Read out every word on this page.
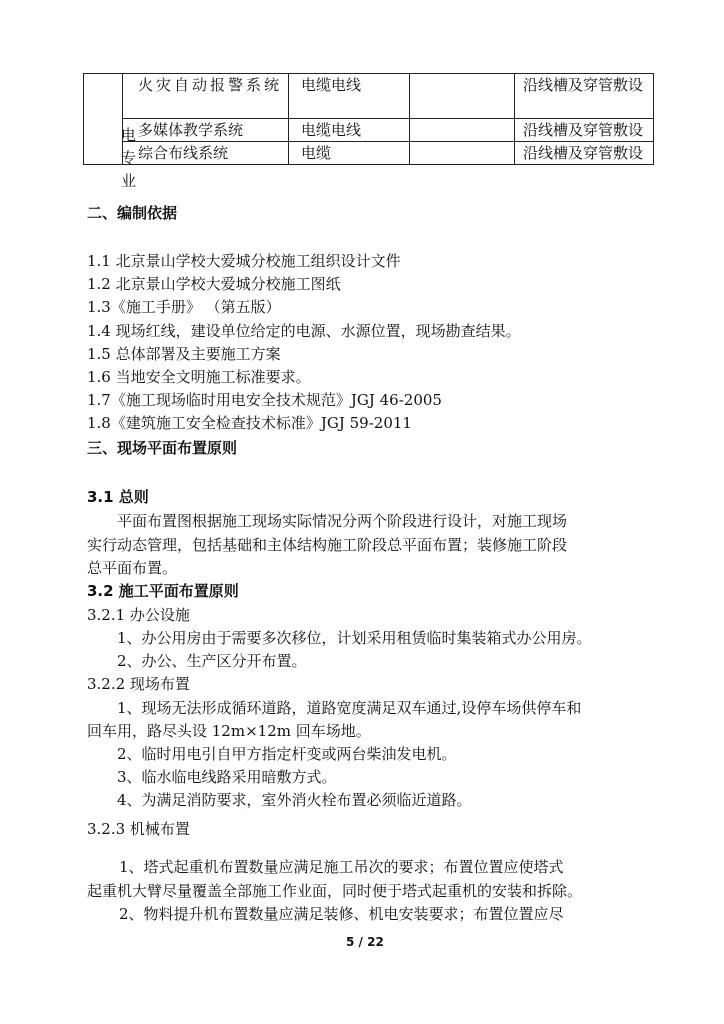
	火灾自动报警系统	电缆电线		沿线槽及穿管敷设
	多媒体教学系统	电缆电线		沿线槽及穿管敷设
	综合布线系统	电缆		沿线槽及穿管敷设
电专业
二、编制依据
1.1 北京景山学校大爱城分校施工组织设计文件
1.2 北京景山学校大爱城分校施工图纸
1.3《施工手册》 （第五版）
1.4 现场红线，建设单位给定的电源、水源位置，现场勘查结果。
1.5 总体部署及主要施工方案
1.6 当地安全文明施工标准要求。
1.7《施工现场临时用电安全技术规范》JGJ 46-2005
1.8《建筑施工安全检查技术标准》JGJ 59-2011
三、现场平面布置原则
3.1 总则
平面布置图根据施工现场实际情况分两个阶段进行设计，对施工现场
实行动态管理，包括基础和主体结构施工阶段总平面布置；装修施工阶段
总平面布置。
3.2 施工平面布置原则
3.2.1 办公设施
1、办公用房由于需要多次移位，计划采用租赁临时集装箱式办公用房。
2、办公、生产区分开布置。
3.2.2 现场布置
1、现场无法形成循环道路，道路宽度满足双车通过,设停车场供停车和
回车用，路尽头设 12m×12m 回车场地。
2、临时用电引自甲方指定杆变或两台柴油发电机。
3、临水临电线路采用暗敷方式。
4、为满足消防要求，室外消火栓布置必须临近道路。
3.2.3 机械布置
1、塔式起重机布置数量应满足施工吊次的要求；布置位置应使塔式
起重机大臂尽量覆盖全部施工作业面，同时便于塔式起重机的安装和拆除。
2、物料提升机布置数量应满足装修、机电安装要求；布置位置应尽
5 / 22
